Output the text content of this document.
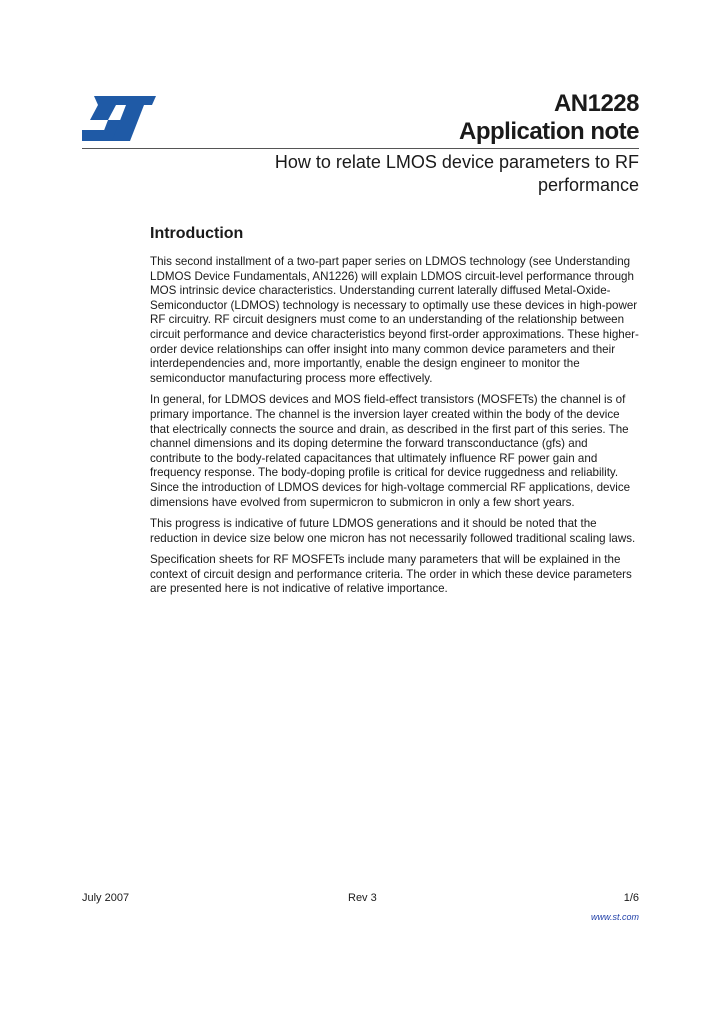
AN1228
Application note
How to relate LMOS device parameters to RF performance
Introduction

This second installment of a two-part paper series on LDMOS technology (see Understanding LDMOS Device Fundamentals, AN1226) will explain LDMOS circuit-level performance through MOS intrinsic device characteristics. Understanding current laterally diffused Metal-Oxide-Semiconductor (LDMOS) technology is necessary to optimally use these devices in high-power RF circuitry. RF circuit designers must come to an understanding of the relationship between circuit performance and device characteristics beyond first-order approximations. These higher-order device relationships can offer insight into many common device parameters and their interdependencies and, more importantly, enable the design engineer to monitor the semiconductor manufacturing process more effectively.

In general, for LDMOS devices and MOS field-effect transistors (MOSFETs) the channel is of primary importance. The channel is the inversion layer created within the body of the device that electrically connects the source and drain, as described in the first part of this series. The channel dimensions and its doping determine the forward transconductance (gfs) and contribute to the body-related capacitances that ultimately influence RF power gain and frequency response. The body-doping profile is critical for device ruggedness and reliability. Since the introduction of LDMOS devices for high-voltage commercial RF applications, device dimensions have evolved from supermicron to submicron in only a few short years.

This progress is indicative of future LDMOS generations and it should be noted that the reduction in device size below one micron has not necessarily followed traditional scaling laws.

Specification sheets for RF MOSFETs include many parameters that will be explained in the context of circuit design and performance criteria. The order in which these device parameters are presented here is not indicative of relative importance.

July 2007	Rev 3	1/6
www.st.com
